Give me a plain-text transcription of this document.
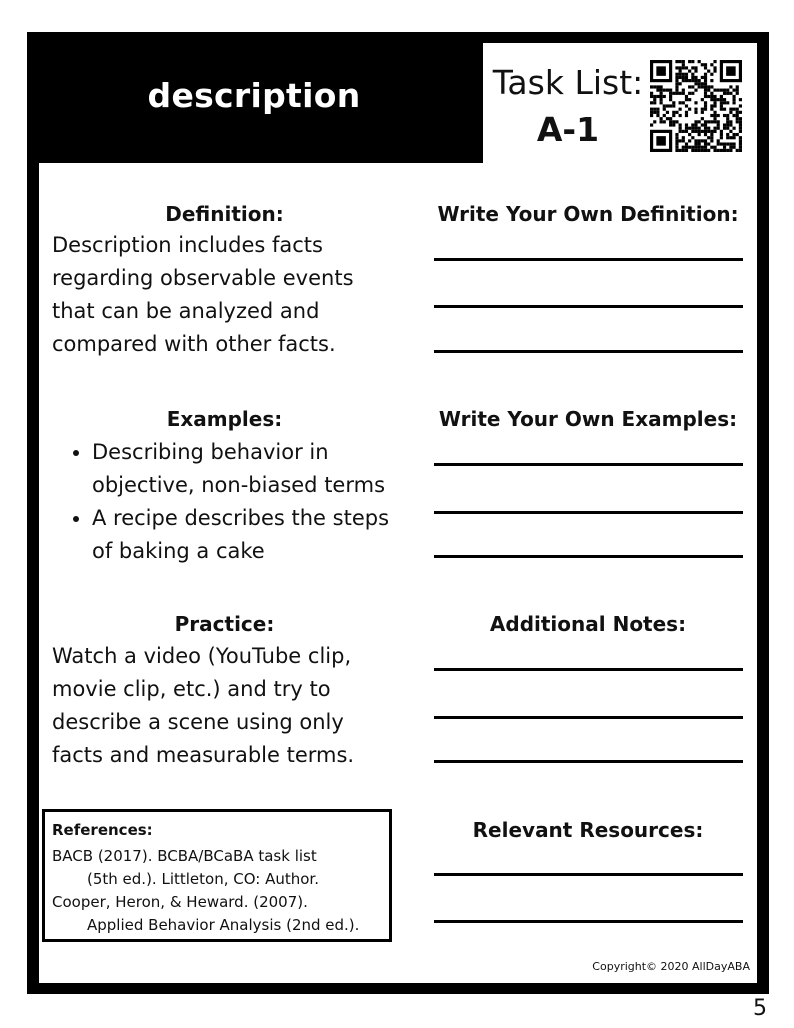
description	Task List:
A-1
Definition:
Description includes facts
regarding observable events
that can be analyzed and
compared with other facts.
Examples:
• Describing behavior in
objective, non-biased terms
• A recipe describes the steps
of baking a cake
Practice:
Watch a video (YouTube clip,
movie clip, etc.) and try to
describe a scene using only
facts and measurable terms.
Write Your Own Definition:
Write Your Own Examples:
Additional Notes:
Relevant Resources:
References:
BACB (2017). BCBA/BCaBA task list
(5th ed.). Littleton, CO: Author.
Cooper, Heron, & Heward. (2007).
Applied Behavior Analysis (2nd ed.).
Copyright© 2020 AllDayABA
5
